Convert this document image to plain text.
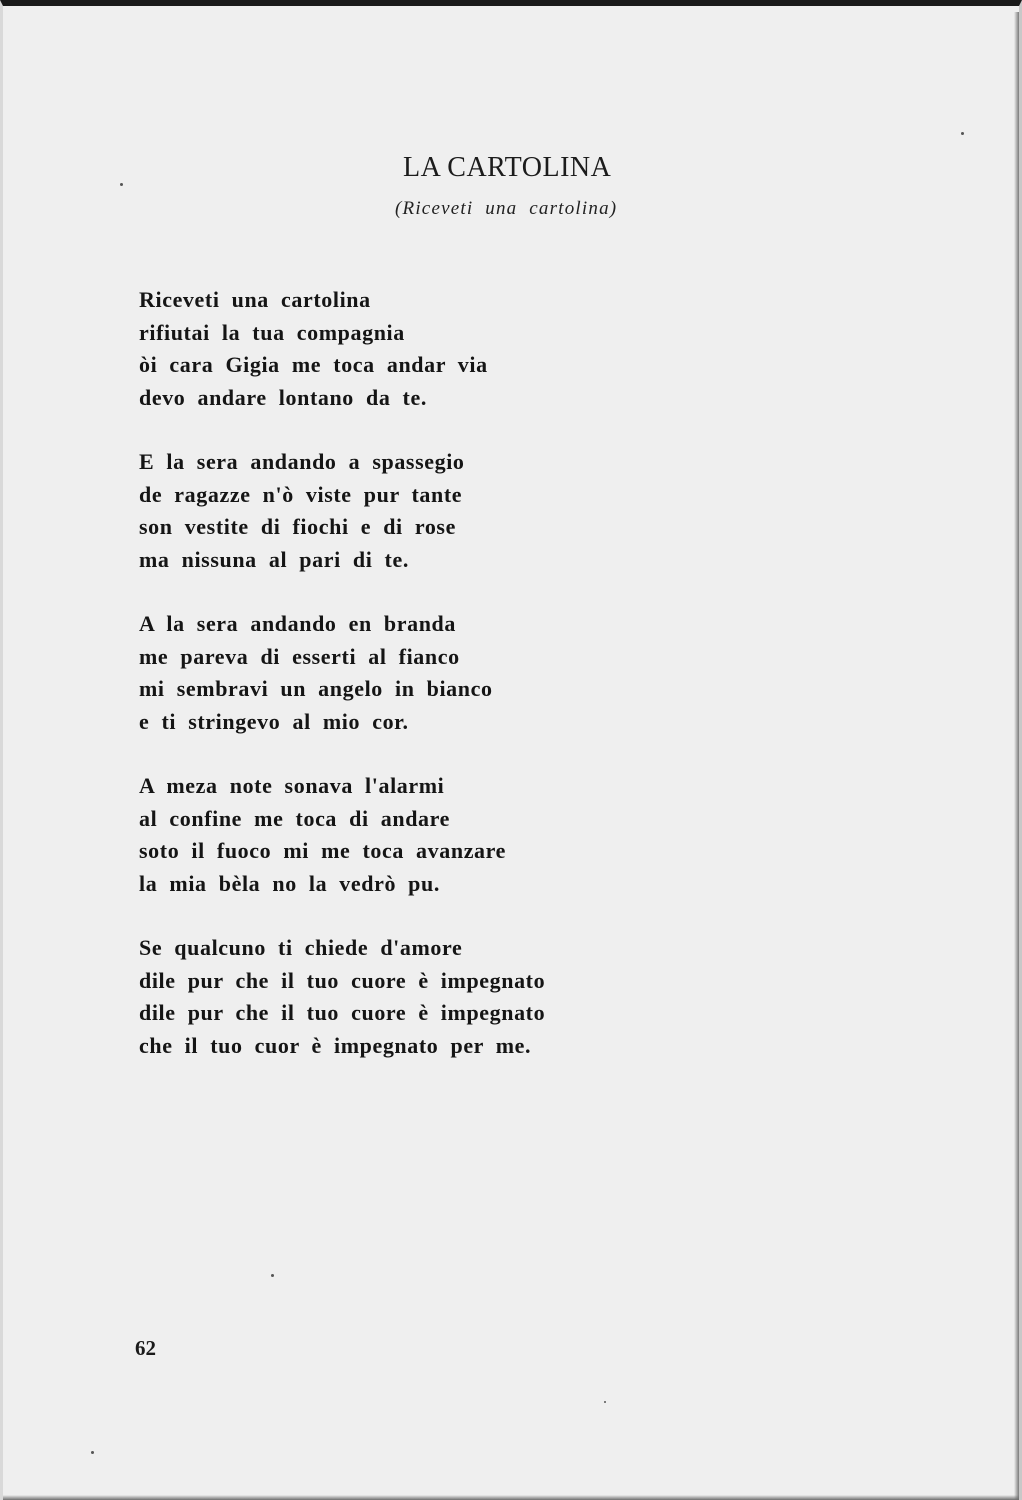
LA CARTOLINA

(Riceveti una cartolina)

Riceveti una cartolina
rifiutai la tua compagnia
òi cara Gigia me toca andar via
devo andare lontano da te.
E la sera andando a spassegio
de ragazze n'ò viste pur tante
son vestite di fiochi e di rose
ma nissuna al pari di te.
A la sera andando en branda
me pareva di esserti al fianco
mi sembravi un angelo in bianco
e ti stringevo al mio cor.
A meza note sonava l'alarmi
al confine me toca di andare
soto il fuoco mi me toca avanzare
la mia bèla no la vedrò pu.
Se qualcuno ti chiede d'amore
dile pur che il tuo cuore è impegnato
dile pur che il tuo cuore è impegnato
che il tuo cuor è impegnato per me.

62
